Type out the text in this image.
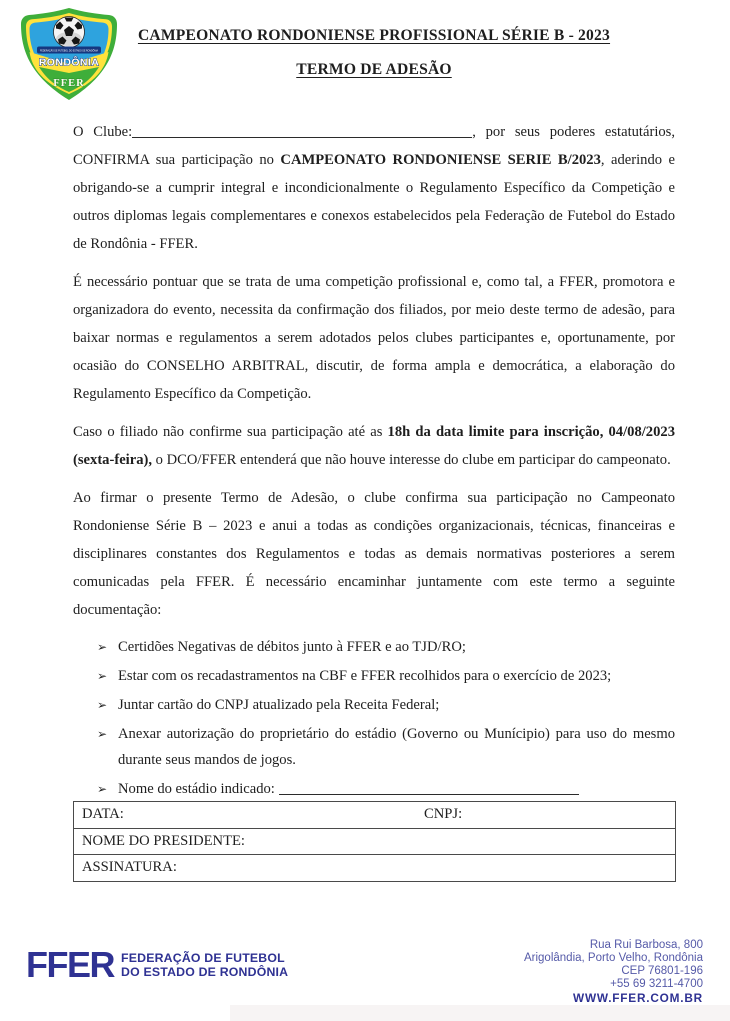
FEDERAÇÃO DE FUTEBOL DO ESTADO DE RONDÔNIA
RONDÔNIA
FFER
CAMPEONATO RONDONIENSE PROFISSIONAL SÉRIE B - 2023
TERMO DE ADESÃO

O Clube:	, por seus poderes estatutários, CONFIRMA sua participação no CAMPEONATO RONDONIENSE SERIE B/2023, aderindo e obrigando-se a cumprir integral e incondicionalmente o Regulamento Específico da Competição e outros diplomas legais complementares e conexos estabelecidos pela Federação de Futebol do Estado de Rondônia - FFER.

É necessário pontuar que se trata de uma competição profissional e, como tal, a FFER, promotora e organizadora do evento, necessita da confirmação dos filiados, por meio deste termo de adesão, para baixar normas e regulamentos a serem adotados pelos clubes participantes e, oportunamente, por ocasião do CONSELHO ARBITRAL, discutir, de forma ampla e democrática, a elaboração do Regulamento Específico da Competição.

Caso o filiado não confirme sua participação até as 18h da data limite para inscrição, 04/08/2023 (sexta-feira), o DCO/FFER entenderá que não houve interesse do clube em participar do campeonato.

Ao firmar o presente Termo de Adesão, o clube confirma sua participação no Campeonato Rondoniense Série B – 2023 e anui a todas as condições organizacionais, técnicas, financeiras e disciplinares constantes dos Regulamentos e todas as demais normativas posteriores a serem comunicadas pela FFER. É necessário encaminhar juntamente com este termo a seguinte documentação:

➢ Certidões Negativas de débitos junto à FFER e ao TJD/RO;
➢ Estar com os recadastramentos na CBF e FFER recolhidos para o exercício de 2023;
➢ Juntar cartão do CNPJ atualizado pela Receita Federal;
➢ Anexar autorização do proprietário do estádio (Governo ou Munícipio) para uso do mesmo durante seus mandos de jogos.
➢ Nome do estádio indicado:
DATA:	CNPJ:
NOME DO PRESIDENTE:
ASSINATURA:
FFER FEDERAÇÃO DE FUTEBOL
DO ESTADO DE RONDÔNIA
Rua Rui Barbosa, 800
Arigolândia, Porto Velho, Rondônia
CEP 76801-196
+55 69 3211-4700
WWW.FFER.COM.BR
